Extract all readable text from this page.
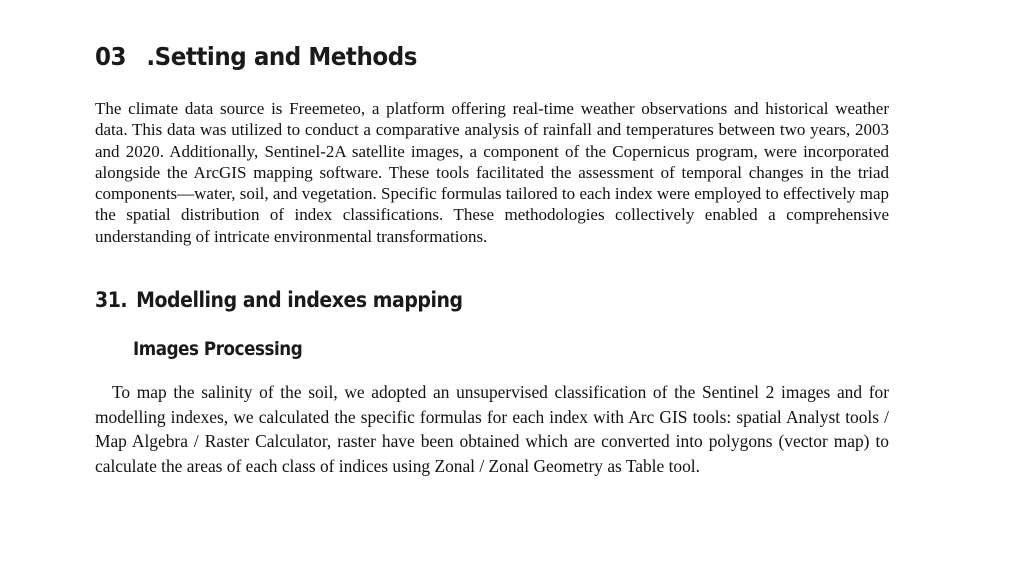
03 .Setting and Methods

The climate data source is Freemeteo, a platform offering real-time weather observations and historical weather data. This data was utilized to conduct a comparative analysis of rainfall and temperatures between two years, 2003 and 2020. Additionally, Sentinel-2A satellite images, a component of the Copernicus program, were incorporated alongside the ArcGIS mapping software. These tools facilitated the assessment of temporal changes in the triad components—water, soil, and vegetation. Specific formulas tailored to each index were employed to effectively map the spatial distribution of index classifications. These methodologies collectively enabled a comprehensive understanding of intricate environmental transformations.

31. Modelling and indexes mapping
Images Processing

To map the salinity of the soil, we adopted an unsupervised classification of the Sentinel 2 images and for modelling indexes, we calculated the specific formulas for each index with Arc GIS tools: spatial Analyst tools / Map Algebra / Raster Calculator, raster have been obtained which are converted into polygons (vector map) to calculate the areas of each class of indices using Zonal / Zonal Geometry as Table tool.
